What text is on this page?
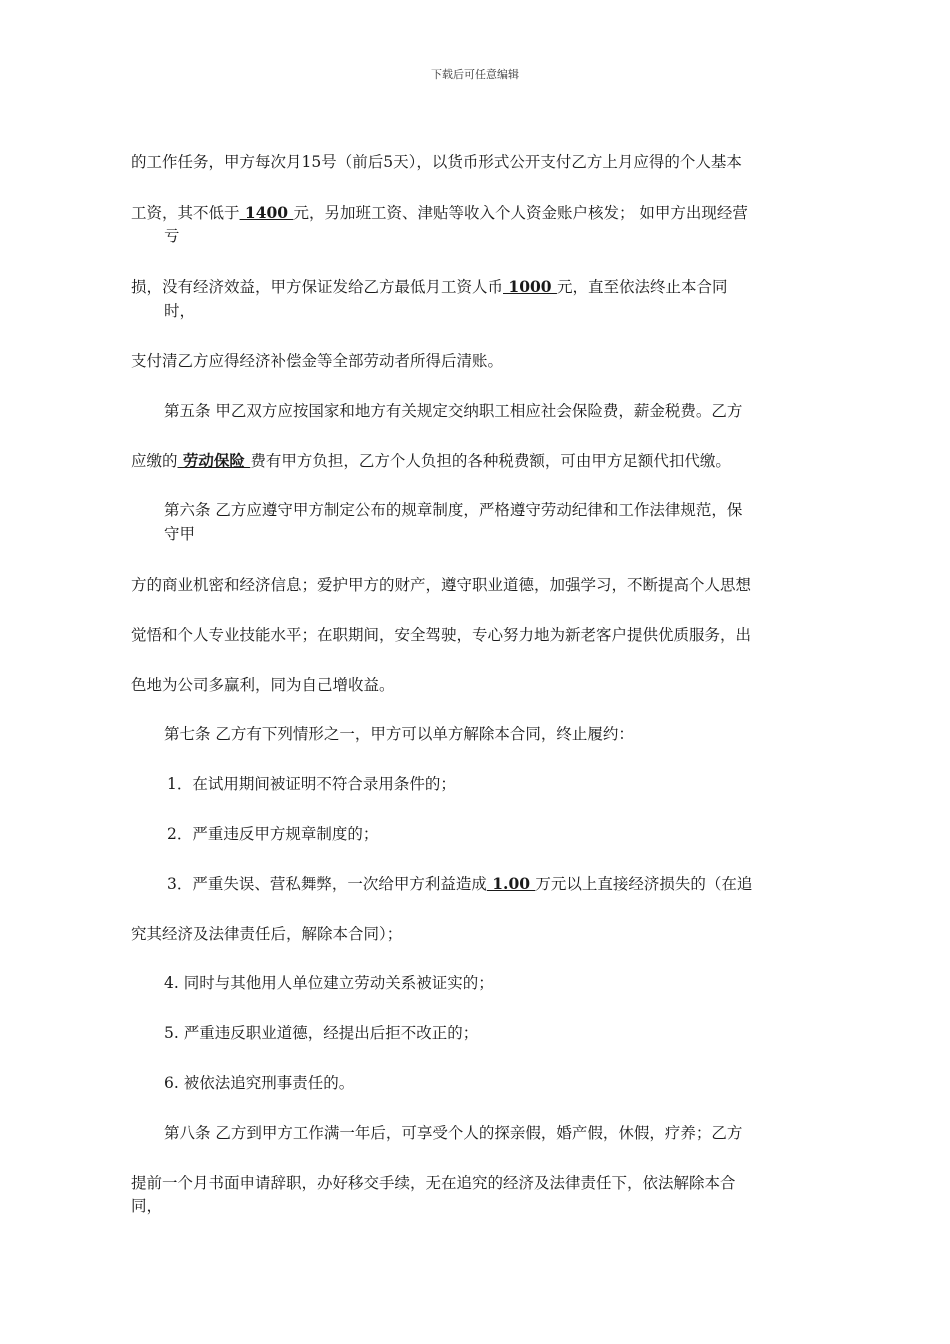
下载后可任意编辑
的工作任务，甲方每次月15号（前后5天），以货币形式公开支付乙方上月应得的个人基本
工资，其不低于 1400 元，另加班工资、津贴等收入个人资金账户核发； 如甲方出现经营
亏
损，没有经济效益，甲方保证发给乙方最低月工资人币 1000 元，直至依法终止本合同
时，
支付清乙方应得经济补偿金等全部劳动者所得后清账。
第五条 甲乙双方应按国家和地方有关规定交纳职工相应社会保险费，薪金税费。乙方
应缴的 劳动保险 费有甲方负担，乙方个人负担的各种税费额，可由甲方足额代扣代缴。
第六条 乙方应遵守甲方制定公布的规章制度，严格遵守劳动纪律和工作法律规范，保
守甲
方的商业机密和经济信息；爱护甲方的财产，遵守职业道德，加强学习，不断提高个人思想
觉悟和个人专业技能水平；在职期间，安全驾驶，专心努力地为新老客户提供优质服务，出
色地为公司多赢利，同为自己增收益。
第七条 乙方有下列情形之一，甲方可以单方解除本合同，终止履约：
1．在试用期间被证明不符合录用条件的；
2．严重违反甲方规章制度的；
3．严重失误、营私舞弊，一次给甲方利益造成 1.00 万元以上直接经济损失的（在追
究其经济及法律责任后，解除本合同）；
4. 同时与其他用人单位建立劳动关系被证实的；
5. 严重违反职业道德，经提出后拒不改正的；
6. 被依法追究刑事责任的。
第八条 乙方到甲方工作满一年后，可享受个人的探亲假，婚产假，休假，疗养；乙方
提前一个月书面申请辞职，办好移交手续，无在追究的经济及法律责任下，依法解除本合
同，
